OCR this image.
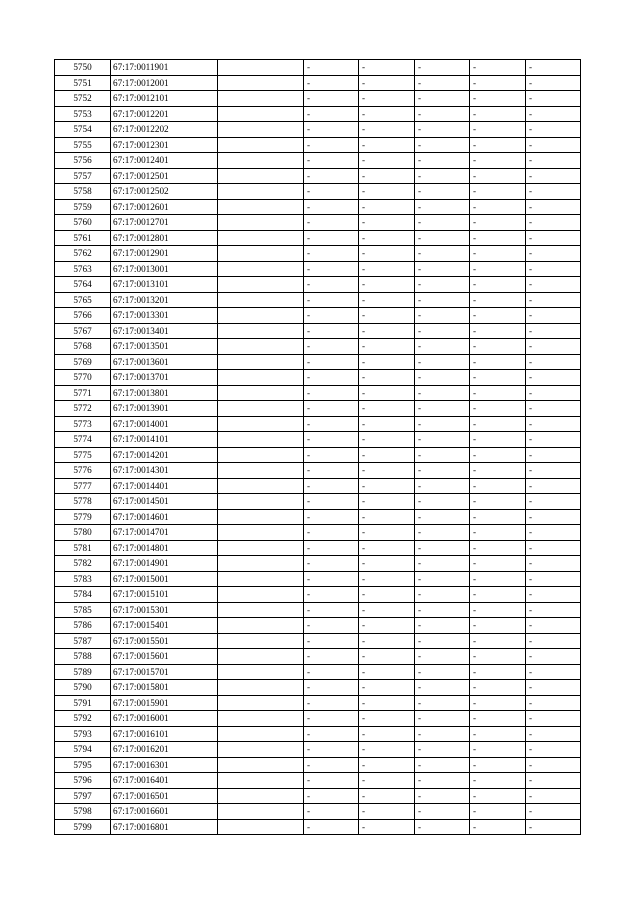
5750	67:17:0011901		-	-	-	-	-
5751	67:17:0012001		-	-	-	-	-
5752	67:17:0012101		-	-	-	-	-
5753	67:17:0012201		-	-	-	-	-
5754	67:17:0012202		-	-	-	-	-
5755	67:17:0012301		-	-	-	-	-
5756	67:17:0012401		-	-	-	-	-
5757	67:17:0012501		-	-	-	-	-
5758	67:17:0012502		-	-	-	-	-
5759	67:17:0012601		-	-	-	-	-
5760	67:17:0012701		-	-	-	-	-
5761	67:17:0012801		-	-	-	-	-
5762	67:17:0012901		-	-	-	-	-
5763	67:17:0013001		-	-	-	-	-
5764	67:17:0013101		-	-	-	-	-
5765	67:17:0013201		-	-	-	-	-
5766	67:17:0013301		-	-	-	-	-
5767	67:17:0013401		-	-	-	-	-
5768	67:17:0013501		-	-	-	-	-
5769	67:17:0013601		-	-	-	-	-
5770	67:17:0013701		-	-	-	-	-
5771	67:17:0013801		-	-	-	-	-
5772	67:17:0013901		-	-	-	-	-
5773	67:17:0014001		-	-	-	-	-
5774	67:17:0014101		-	-	-	-	-
5775	67:17:0014201		-	-	-	-	-
5776	67:17:0014301		-	-	-	-	-
5777	67:17:0014401		-	-	-	-	-
5778	67:17:0014501		-	-	-	-	-
5779	67:17:0014601		-	-	-	-	-
5780	67:17:0014701		-	-	-	-	-
5781	67:17:0014801		-	-	-	-	-
5782	67:17:0014901		-	-	-	-	-
5783	67:17:0015001		-	-	-	-	-
5784	67:17:0015101		-	-	-	-	-
5785	67:17:0015301		-	-	-	-	-
5786	67:17:0015401		-	-	-	-	-
5787	67:17:0015501		-	-	-	-	-
5788	67:17:0015601		-	-	-	-	-
5789	67:17:0015701		-	-	-	-	-
5790	67:17:0015801		-	-	-	-	-
5791	67:17:0015901		-	-	-	-	-
5792	67:17:0016001		-	-	-	-	-
5793	67:17:0016101		-	-	-	-	-
5794	67:17:0016201		-	-	-	-	-
5795	67:17:0016301		-	-	-	-	-
5796	67:17:0016401		-	-	-	-	-
5797	67:17:0016501		-	-	-	-	-
5798	67:17:0016601		-	-	-	-	-
5799	67:17:0016801		-	-	-	-	-
